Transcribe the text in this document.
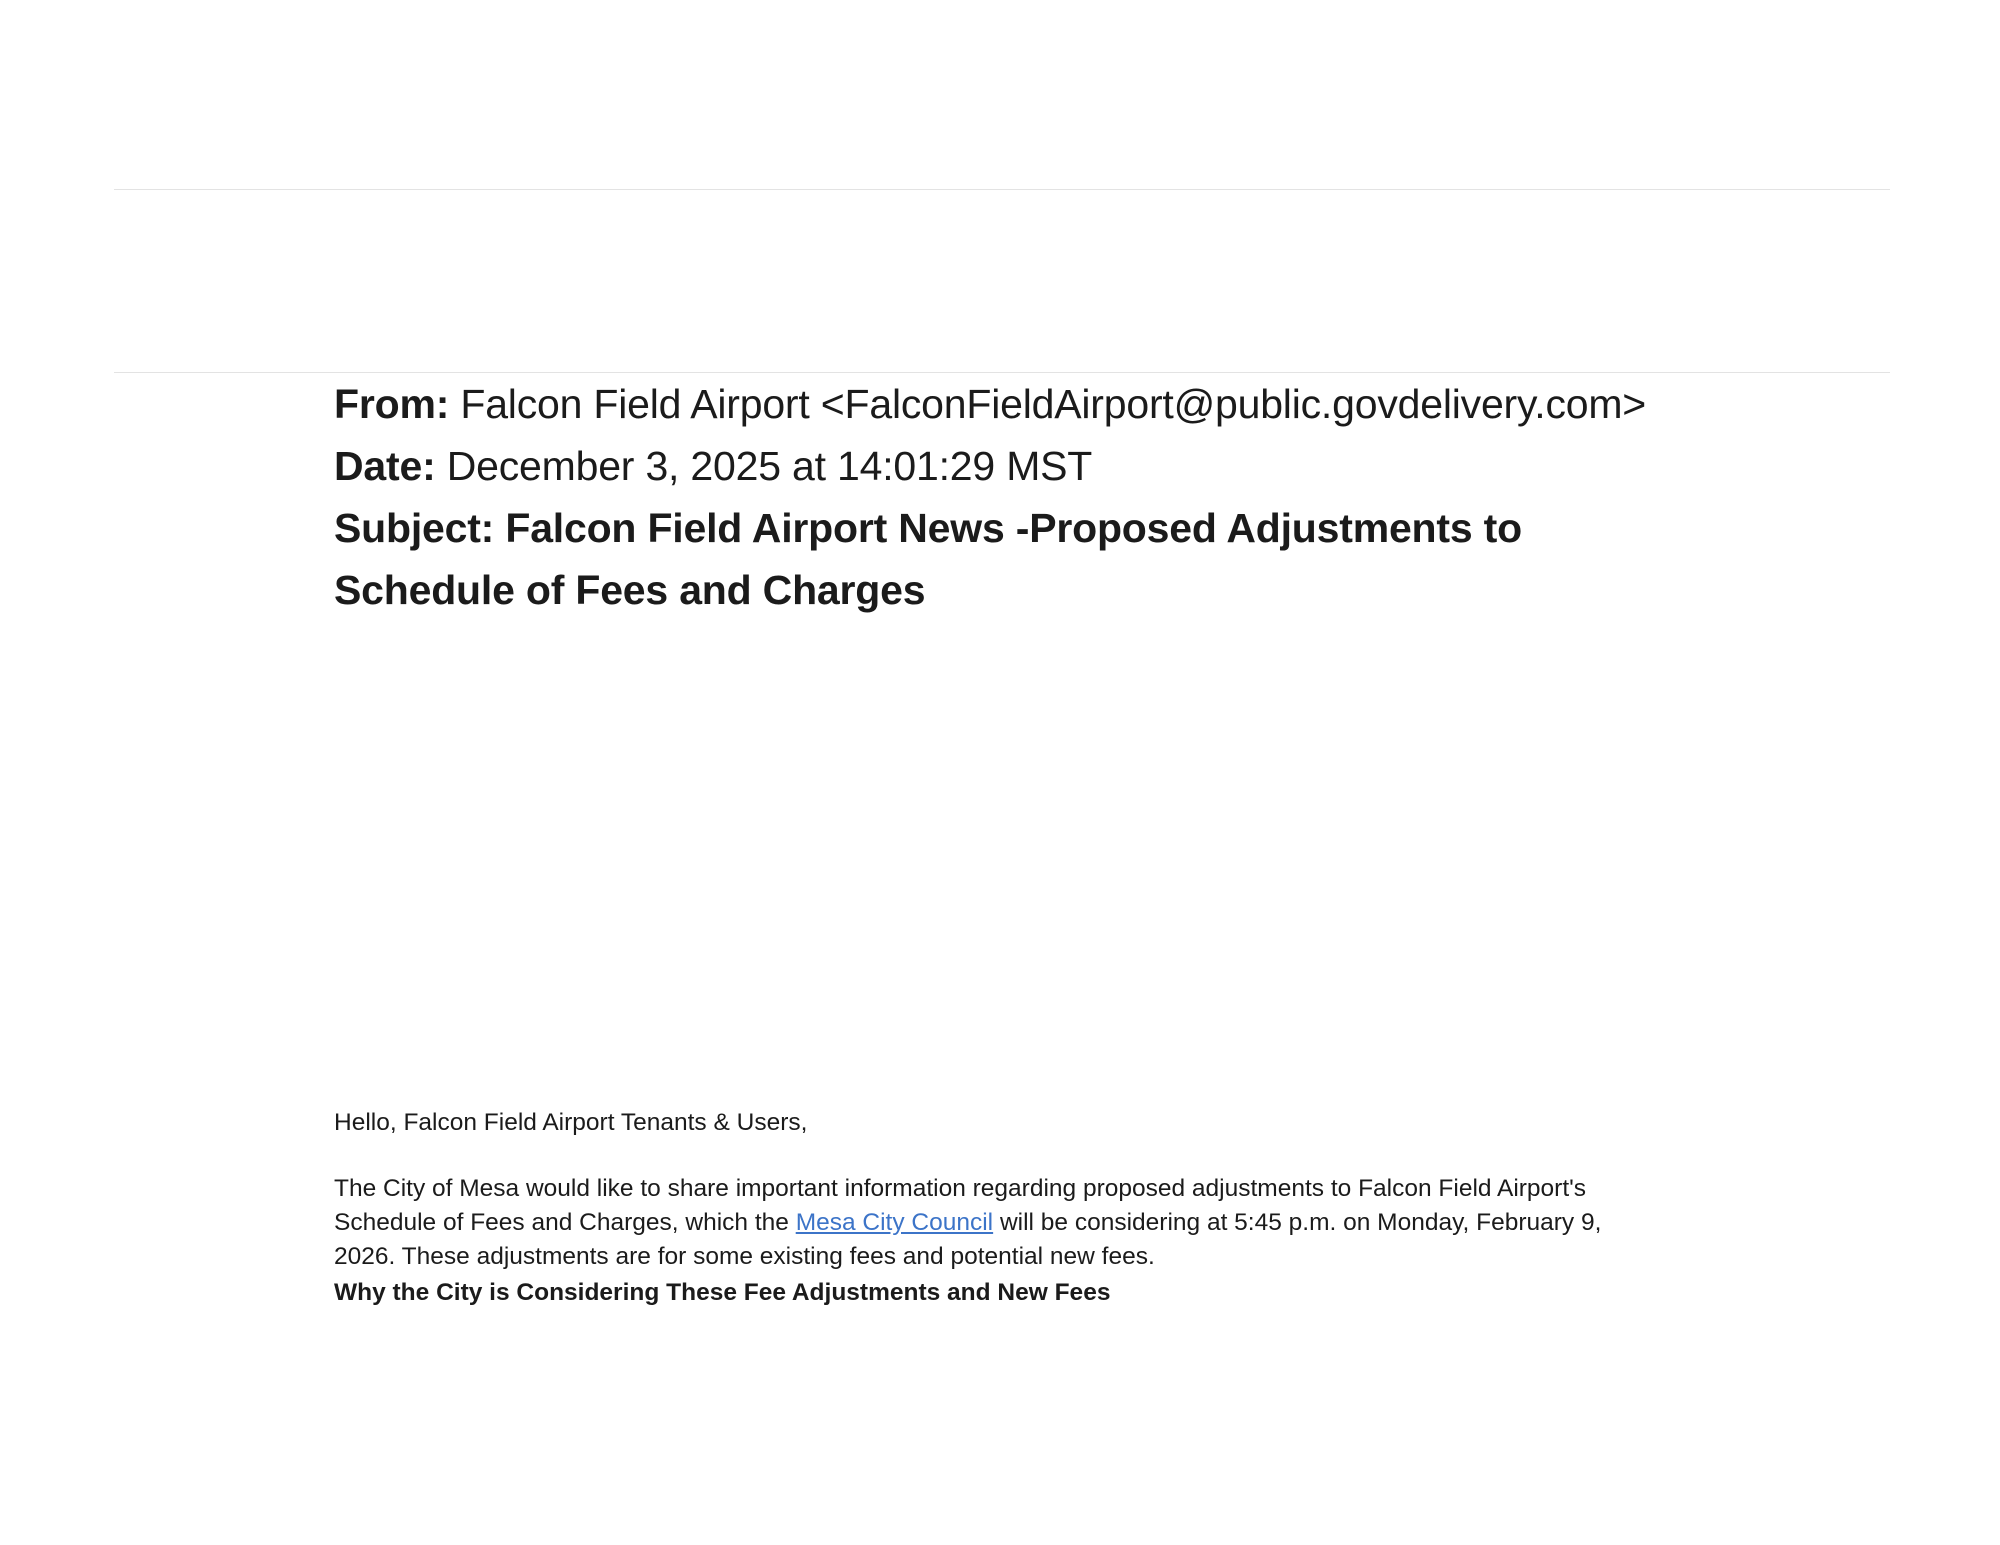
From: Falcon Field Airport <FalconFieldAirport@public.govdelivery.com>
Date: December 3, 2025 at 14:01:29 MST
Subject: Falcon Field Airport News -Proposed Adjustments to Schedule of Fees and Charges
Hello, Falcon Field Airport Tenants & Users,
The City of Mesa would like to share important information regarding proposed adjustments to Falcon Field Airport's Schedule of Fees and Charges, which the Mesa City Council will be considering at 5:45 p.m. on Monday, February 9, 2026. These adjustments are for some existing fees and potential new fees.
Why the City is Considering These Fee Adjustments and New Fees
